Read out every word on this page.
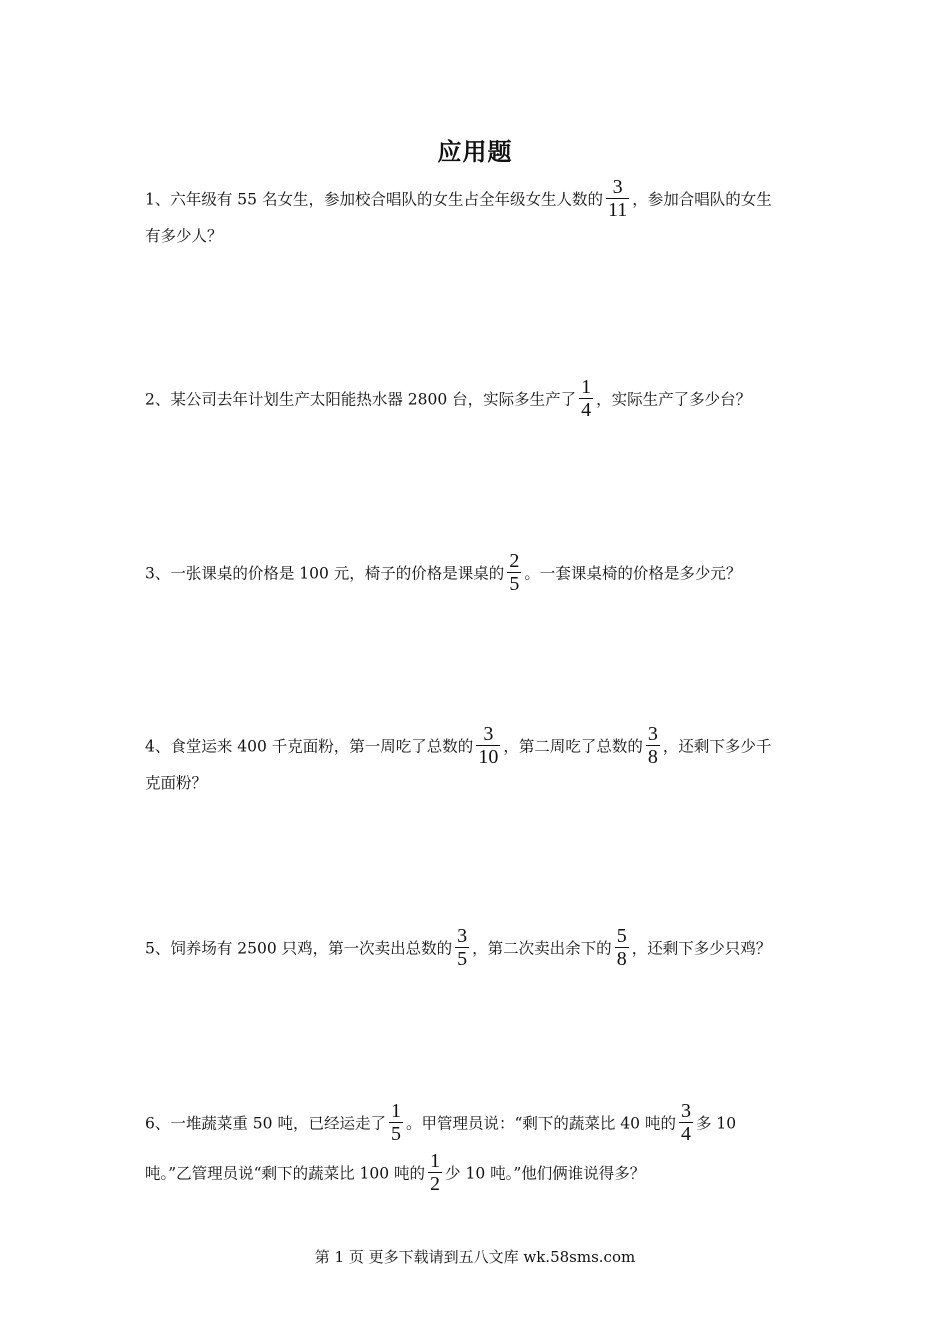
应用题
1、六年级有 55 名女生，参加校合唱队的女生占全年级女生人数的 $\frac{3}{11}$ ，参加合唱队的女生
有多少人？
2、某公司去年计划生产太阳能热水器 2800 台，实际多生产了 $\frac{1}{4}$ ，实际生产了多少台？
3、一张课桌的价格是 100 元，椅子的价格是课桌的 $\frac{2}{5}$ 。一套课桌椅的价格是多少元？
4、食堂运来 400 千克面粉，第一周吃了总数的 $\frac{3}{10}$ ，第二周吃了总数的 $\frac{3}{8}$ ，还剩下多少千
克面粉？
5、饲养场有 2500 只鸡，第一次卖出总数的 $\frac{3}{5}$ ，第二次卖出余下的 $\frac{5}{8}$ ，还剩下多少只鸡？
6、一堆蔬菜重 50 吨，已经运走了 $\frac{1}{5}$ 。甲管理员说：“剩下的蔬菜比 40 吨的 $\frac{3}{4}$ 多 10
吨。”乙管理员说“剩下的蔬菜比 100 吨的 $\frac{1}{2}$ 少 10 吨。”他们俩谁说得多？
第 1 页 更多下载请到五八文库 wk.58sms.com
